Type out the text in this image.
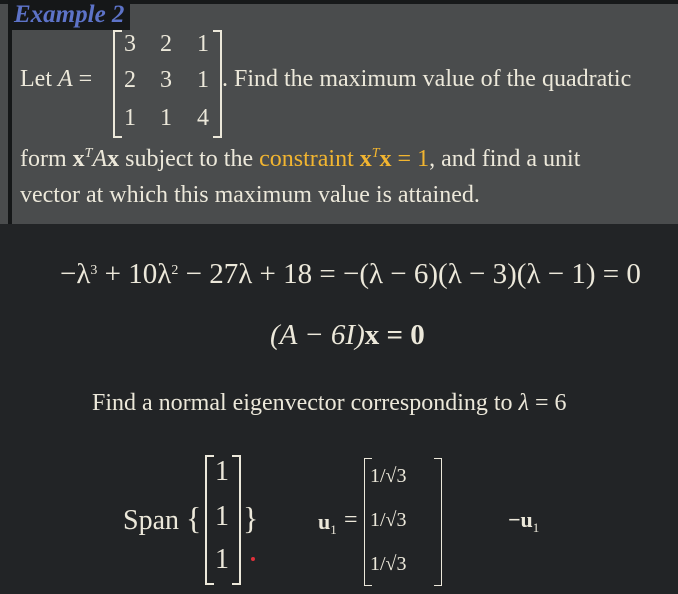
Example 2
Let A =
3 2 1
2 3 1
1 1 4
. Find the maximum value of the quadratic
form $x^TAx$ subject to the constraint $x^Tx = 1$, and find a unit
vector at which this maximum value is attained.
$-\lambda^3 + 10\lambda^2 - 27\lambda + 18 = -(\lambda - 6)(\lambda - 3)(\lambda - 1) = 0$
(A − 6I)x = 0
Find a normal eigenvector corresponding to λ = 6
Span {
1
1
1
}	$u_1$ =
1/√3
1/√3
1/√3
$-u_1$
